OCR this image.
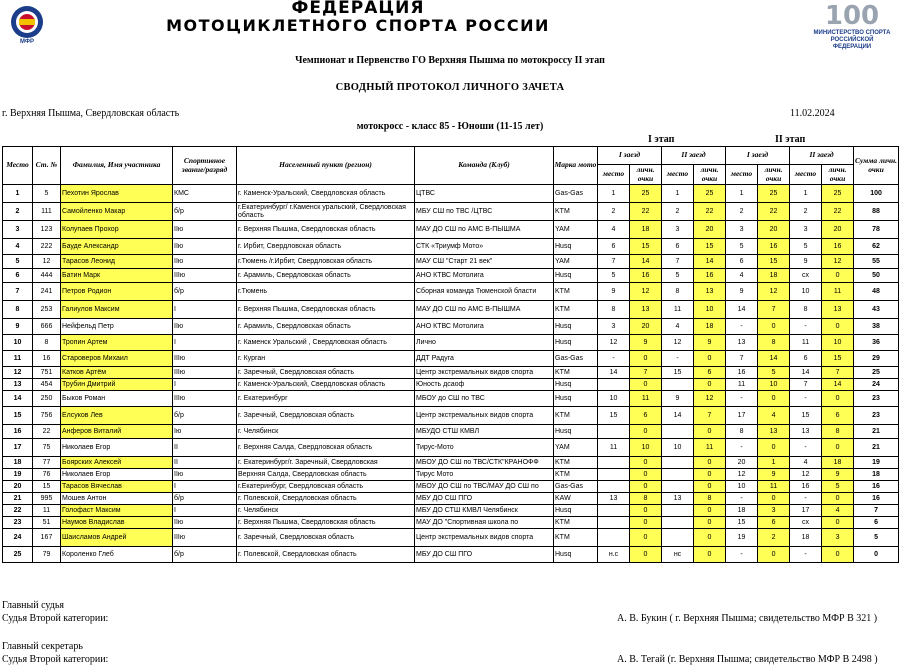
МФР
ФЕДЕРАЦИЯ
МОТОЦИКЛЕТНОГО СПОРТА РОССИИ	100
МИНИСТЕРСТВО СПОРТА РОССИЙСКОЙ ФЕДЕРАЦИИ
Чемпионат и Первенство ГО Верхняя Пышма по мотокроссу II этап
СВОДНЫЙ ПРОТОКОЛ ЛИЧНОГО ЗАЧЕТА
г. Верхняя Пышма, Свердловская область	11.02.2024
мотокросс - класс 85 - Юноши (11-15 лет)
I этап	II этап
Место	Ст. №	Фамилия, Имя участника	Спортивное звание/разряд	Населенный пункт (регион)	Команда (Клуб)	Марка мото	I заезд		II заезд		I заезд		II заезд		Сумма личн. очки
							место	личн. очки	место	личн. очки	место	личн. очки	место	личн. очки	
1	5	Пехотин Ярослав	КМС	г. Каменск-Уральский, Свердловская область	ЦТВС	Gas-Gas	1	25	1	25	1	25	1	25	100
2	111	Самойленко Макар	б/р	г.Екатеринбург/ г.Каменск уральский, Свердловская область	МБУ СШ по ТВС /ЦТВС	KTM	2	22	2	22	2	22	2	22	88
3	123	Колупаев Прохор	IIю	г. Верхняя Пышма, Свердловская область	МАУ ДО СШ по АМС В-ПЫШМА	YAM	4	18	3	20	3	20	3	20	78
4	222	Бауде Александр	IIю	г. Ирбит, Свердловская область	СТК «Триумф Мото»	Husq	6	15	6	15	5	16	5	16	62
5	12	Тарасов Леонид	IIю	г.Тюмень /г.Ирбит, Свердловская область	МАУ СШ "Старт 21 век"	YAM	7	14	7	14	6	15	9	12	55
6	444	Батин Марк	IIIю	г. Арамиль, Свердловская область	АНО КТВС Мотолига	Husq	5	16	5	16	4	18	сх	0	50
7	241	Петров Родион	б/р	г.Тюмень	Сборная команда Тюменской бласти	KTM	9	12	8	13	9	12	10	11	48
8	253	Галиулов Максим	I	г. Верхняя Пышма, Свердловская область	МАУ ДО СШ по АМС В-ПЫШМА	KTM	8	13	11	10	14	7	8	13	43
9	666	Нейфельд Петр	IIю	г. Арамиль, Свердловская область	АНО КТВС Мотолига	Husq	3	20	4	18	-	0	-	0	38
10	8	Тропин Артем	I	г. Каменск Уральский , Свердловская область	Лично	Husq	12	9	12	9	13	8	11	10	36
11	16	Староверов Михаил	IIIю	г. Курган	ДДТ Радуга	Gas-Gas	-	0	-	0	7	14	6	15	29
12	751	Катков Артём	IIIю	г. Заречный, Свердловская область	Центр экстремальных видов спорта	KTM	14	7	15	6	16	5	14	7	25
13	454	Трубин Дмитрий	I	г. Каменск-Уральский, Свердловская область	Юность дсаоф	Husq		0		0	11	10	7	14	24
14	250	Быков Роман	IIIю	г. Екатеринбург	МБОУ до СШ по ТВС	Husq	10	11	9	12	-	0	-	0	23
15	756	Елсуков Лев	б/р	г. Заречный, Свердловская область	Центр экстремальных видов спорта	KTM	15	6	14	7	17	4	15	6	23
16	22	Анферов Виталий	Iю	г. Челябинск	МБУДО СТШ КМВЛ	Husq		0		0	8	13	13	8	21
17	75	Николаев Егор	II	г. Верхняя Салда, Свердловская область	Тирус-Мото	YAM	11	10	10	11	-	0	-	0	21
18	77	Боярских Алексей	II	г. Екатеринбург/г. Заречный, Свердловская	МБОУ ДО СШ по ТВС/СТК"КРАНОФФ	KTM		0		0	20	1	4	18	19
19	76	Николаев Егор	IIю	Верхняя Салда, Свердловская область	Тирус Мото	KTM		0		0	12	9	12	9	18
20	15	Тарасов Вячеслав	I	г.Екатеринбург, Свердловская область	МБОУ ДО СШ по ТВС/МАУ ДО СШ по	Gas-Gas		0		0	10	11	16	5	16
21	995	Мошев Антон	б/р	г. Полевской, Свердловская область	МБУ ДО СШ ПГО	KAW	13	8	13	8	-	0	-	0	16
22	11	Голофаст Максим	I	г. Челябинск	МБУ ДО СТШ КМВЛ Челябинск	Husq		0		0	18	3	17	4	7
23	51	Наумов Владислав	IIю	г. Верхняя Пышма, Свердловская область	МАУ ДО "Спортивная школа по	KTM		0		0	15	6	сх	0	6
24	167	Шаисламов Андрей	IIIю	г. Заречный, Свердловская область	Центр экстремальных видов спорта	KTM		0		0	19	2	18	3	5
25	79	Короленко Глеб	б/р	г. Полевской, Свердловская область	МБУ ДО СШ ПГО	Husq	н.с	0	нс	0	-	0	-	0	0
Главный судья
Судья Второй категории:	А. В. Букин ( г. Верхняя Пышма; свидетельство МФР В 321 )
Главный секретарь
Судья Второй категории:	А. В. Тегай (г. Верхняя Пышма; свидетельство МФР В 2498 )
